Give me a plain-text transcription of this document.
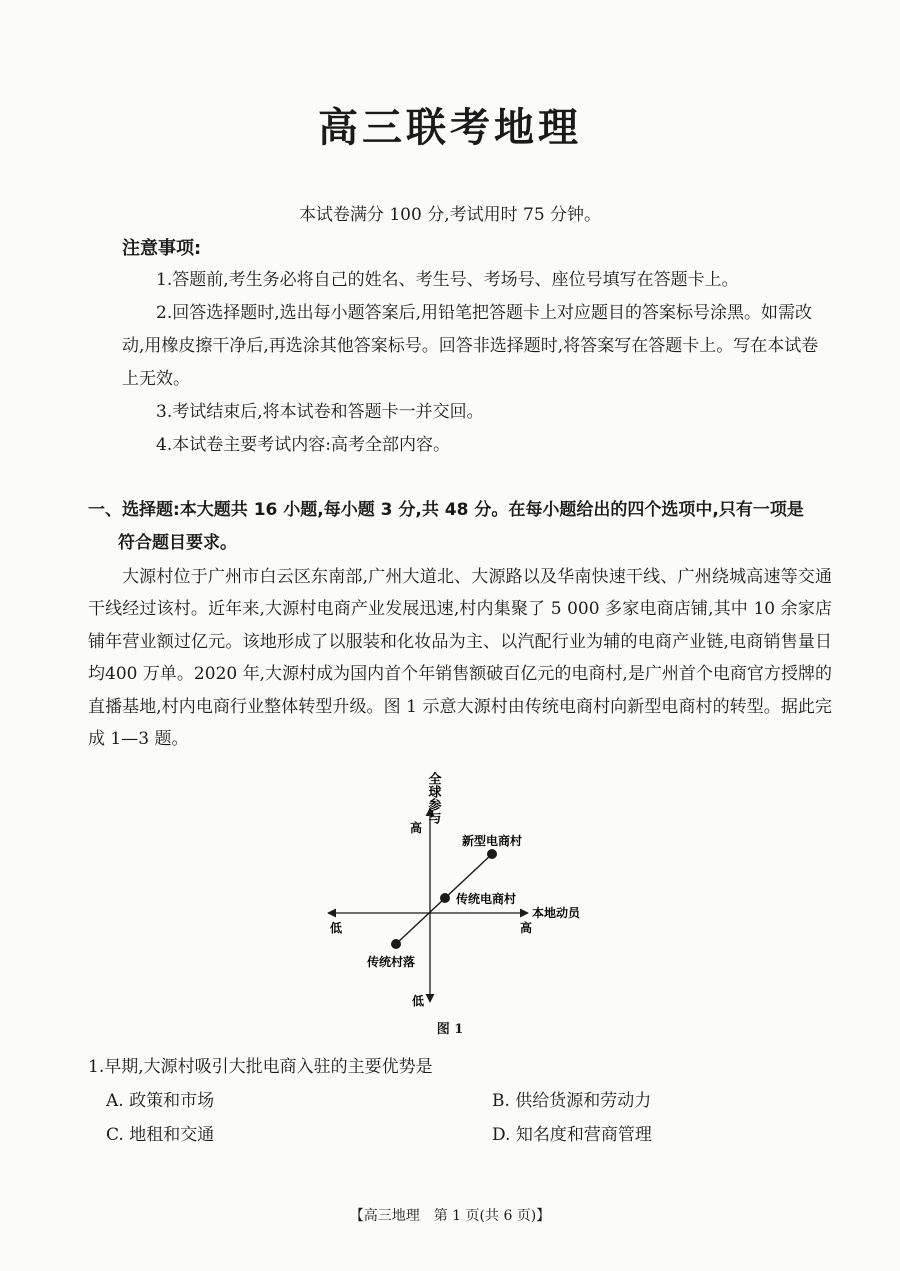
高三联考地理
本试卷满分 100 分,考试用时 75 分钟。
注意事项:
1.答题前,考生务必将自己的姓名、考生号、考场号、座位号填写在答题卡上。
2.回答选择题时,选出每小题答案后,用铅笔把答题卡上对应题目的答案标号涂黑。如需改动,用橡皮擦干净后,再选涂其他答案标号。回答非选择题时,将答案写在答题卡上。写在本试卷上无效。
3.考试结束后,将本试卷和答题卡一并交回。
4.本试卷主要考试内容:高考全部内容。
一、选择题:本大题共 16 小题,每小题 3 分,共 48 分。在每小题给出的四个选项中,只有一项是
符合题目要求。
大源村位于广州市白云区东南部,广州大道北、大源路以及华南快速干线、广州绕城高速等交通干线经过该村。近年来,大源村电商产业发展迅速,村内集聚了 5 000 多家电商店铺,其中 10 余家店铺年营业额过亿元。该地形成了以服装和化妆品为主、以汽配行业为辅的电商产业链,电商销售量日均400 万单。2020 年,大源村成为国内首个年销售额破百亿元的电商村,是广州首个电商官方授牌的直播基地,村内电商行业整体转型升级。图 1 示意大源村由传统电商村向新型电商村的转型。据此完成 1—3 题。
全球参与
高
低
本地动员
低	高
新型电商村
传统电商村
传统村落
图 1
1.早期,大源村吸引大批电商入驻的主要优势是
A. 政策和市场	B. 供给货源和劳动力
C. 地租和交通	D. 知名度和营商管理
【高三地理　第 1 页(共 6 页)】
